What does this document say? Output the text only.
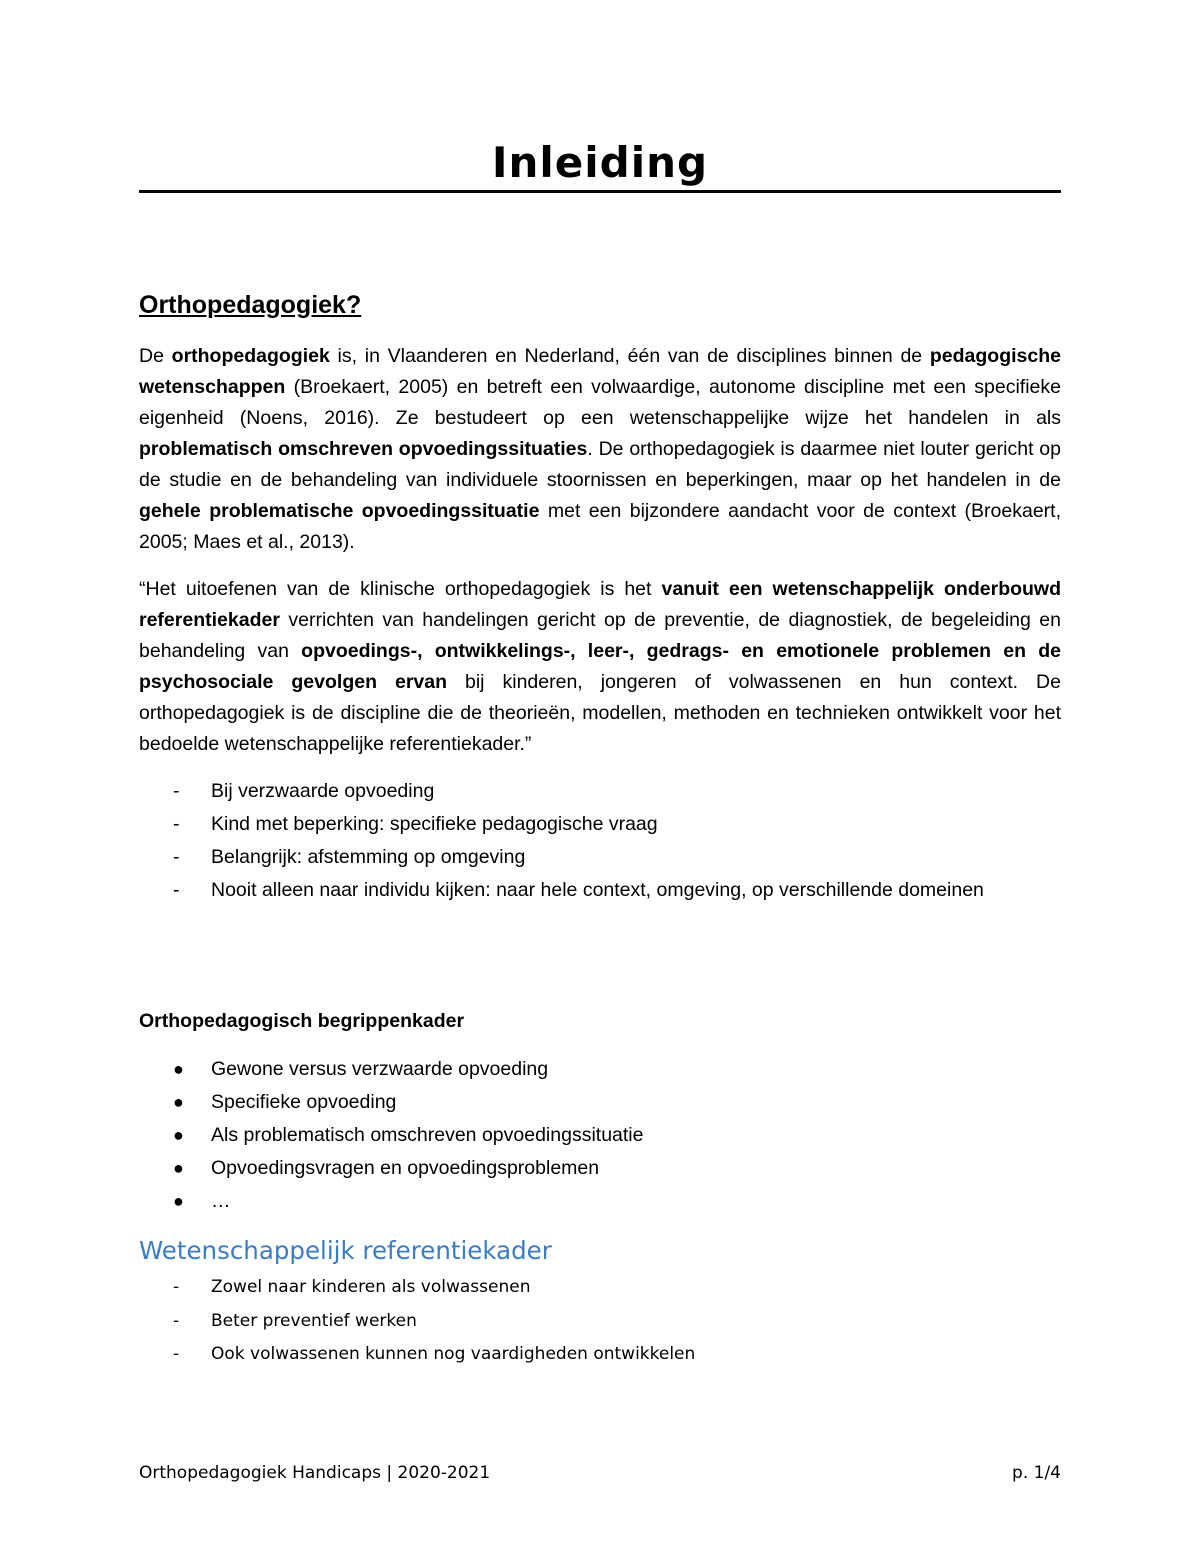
Inleiding
Orthopedagogiek?
De orthopedagogiek is, in Vlaanderen en Nederland, één van de disciplines binnen de pedagogische wetenschappen (Broekaert, 2005) en betreft een volwaardige, autonome discipline met een specifieke eigenheid (Noens, 2016). Ze bestudeert op een wetenschappelijke wijze het handelen in als problematisch omschreven opvoedingssituaties. De orthopedagogiek is daarmee niet louter gericht op de studie en de behandeling van individuele stoornissen en beperkingen, maar op het handelen in de gehele problematische opvoedingssituatie met een bijzondere aandacht voor de context (Broekaert, 2005; Maes et al., 2013).
“Het uitoefenen van de klinische orthopedagogiek is het vanuit een wetenschappelijk onderbouwd referentiekader verrichten van handelingen gericht op de preventie, de diagnostiek, de begeleiding en behandeling van opvoedings-, ontwikkelings-, leer-, gedrags- en emotionele problemen en de psychosociale gevolgen ervan bij kinderen, jongeren of volwassenen en hun context. De orthopedagogiek is de discipline die de theorieën, modellen, methoden en technieken ontwikkelt voor het bedoelde wetenschappelijke referentiekader.”
- Bij verzwaarde opvoeding
- Kind met beperking: specifieke pedagogische vraag
- Belangrijk: afstemming op omgeving
- Nooit alleen naar individu kijken: naar hele context, omgeving, op verschillende domeinen
Orthopedagogisch begrippenkader
● Gewone versus verzwaarde opvoeding
● Specifieke opvoeding
● Als problematisch omschreven opvoedingssituatie
● Opvoedingsvragen en opvoedingsproblemen
● …
Wetenschappelijk referentiekader
- Zowel naar kinderen als volwassenen
- Beter preventief werken
- Ook volwassenen kunnen nog vaardigheden ontwikkelen
Orthopedagogiek Handicaps | 2020-2021	p. 1/4
